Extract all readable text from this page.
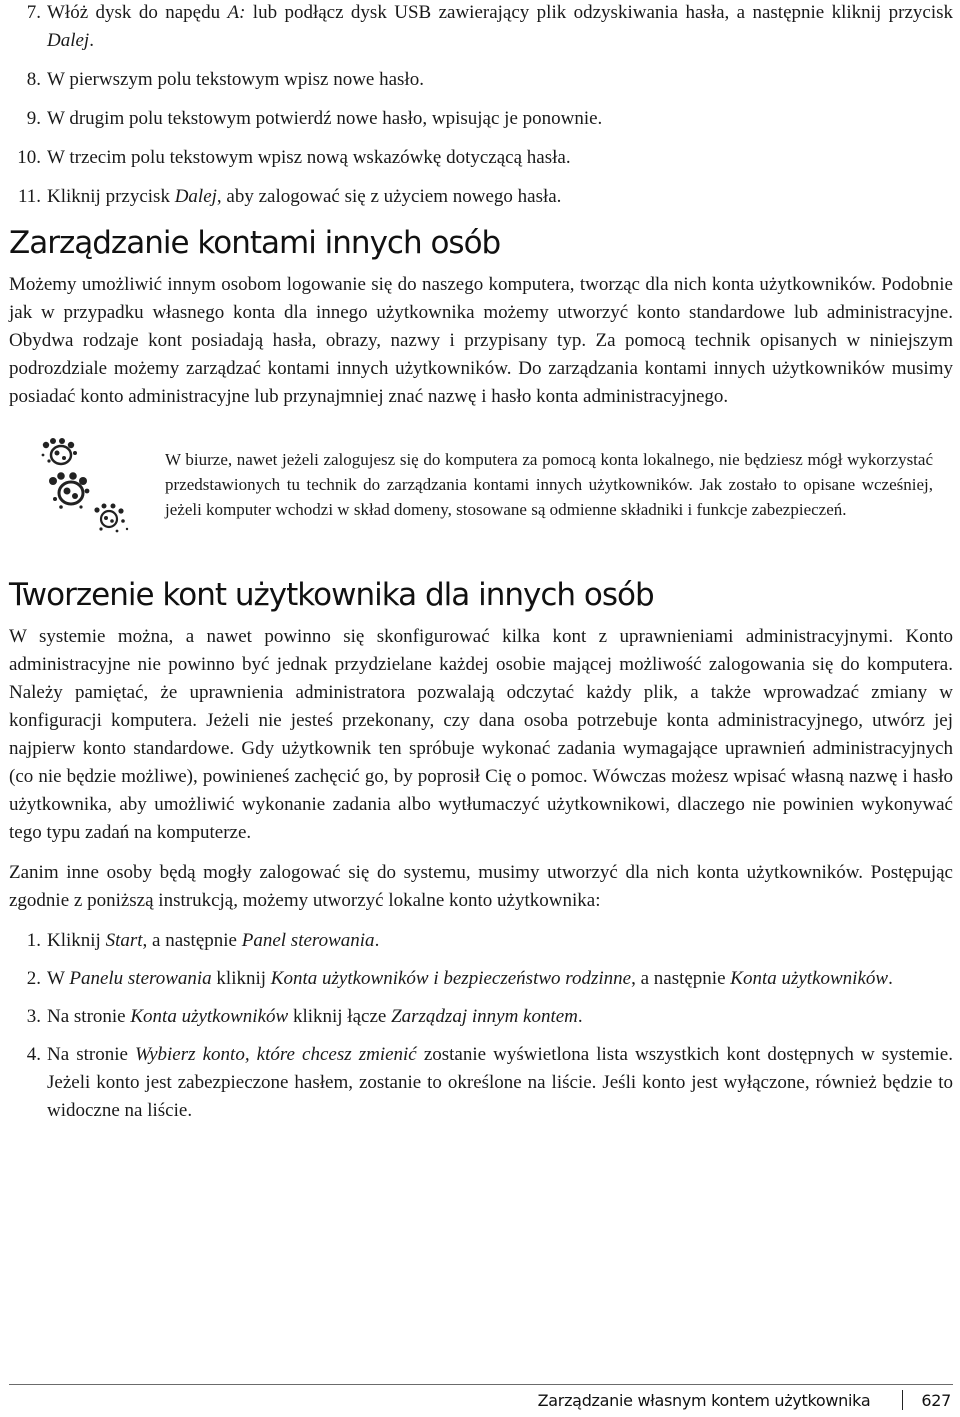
7. Włóż dysk do napędu A: lub podłącz dysk USB zawierający plik odzyskiwania hasła, a następnie kliknij przycisk Dalej.
8. W pierwszym polu tekstowym wpisz nowe hasło.
9. W drugim polu tekstowym potwierdź nowe hasło, wpisując je ponownie.
10. W trzecim polu tekstowym wpisz nową wskazówkę dotyczącą hasła.
11. Kliknij przycisk Dalej, aby zalogować się z użyciem nowego hasła.
Zarządzanie kontami innych osób

Możemy umożliwić innym osobom logowanie się do naszego komputera, tworząc dla nich konta użytkowników. Podobnie jak w przypadku własnego konta dla innego użytkownika możemy utworzyć konto standardowe lub administracyjne. Obydwa rodzaje kont posiadają hasła, obrazy, nazwy i przypisany typ. Za pomocą technik opisanych w niniejszym podrozdziale możemy zarządzać kontami innych użytkowników. Do zarządzania kontami innych użytkowników musimy posiadać konto administracyjne lub przynajmniej znać nazwę i hasło konta administracyjnego.

W biurze, nawet jeżeli zalogujesz się do komputera za pomocą konta lokalnego, nie będziesz mógł wykorzystać przedstawionych tu technik do zarządzania kontami innych użytkowników. Jak zostało to opisane wcześniej, jeżeli komputer wchodzi w skład domeny, stosowane są odmienne składniki i funkcje zabezpieczeń.
Tworzenie kont użytkownika dla innych osób

W systemie można, a nawet powinno się skonfigurować kilka kont z uprawnieniami administracyjnymi. Konto administracyjne nie powinno być jednak przydzielane każdej osobie mającej możliwość zalogowania się do komputera. Należy pamiętać, że uprawnienia administratora pozwalają odczytać każdy plik, a także wprowadzać zmiany w konfiguracji komputera. Jeżeli nie jesteś przekonany, czy dana osoba potrzebuje konta administracyjnego, utwórz jej najpierw konto standardowe. Gdy użytkownik ten spróbuje wykonać zadania wymagające uprawnień administracyjnych (co nie będzie możliwe), powinieneś zachęcić go, by poprosił Cię o pomoc. Wówczas możesz wpisać własną nazwę i hasło użytkownika, aby umożliwić wykonanie zadania albo wytłumaczyć użytkownikowi, dlaczego nie powinien wykonywać tego typu zadań na komputerze.

Zanim inne osoby będą mogły zalogować się do systemu, musimy utworzyć dla nich konta użytkowników. Postępując zgodnie z poniższą instrukcją, możemy utworzyć lokalne konto użytkownika:

1. Kliknij Start, a następnie Panel sterowania.
2. W Panelu sterowania kliknij Konta użytkowników i bezpieczeństwo rodzinne, a następnie Konta użytkowników.
3. Na stronie Konta użytkowników kliknij łącze Zarządzaj innym kontem.
4. Na stronie Wybierz konto, które chcesz zmienić zostanie wyświetlona lista wszystkich kont dostępnych w systemie. Jeżeli konto jest zabezpieczone hasłem, zostanie to określone na liście. Jeśli konto jest wyłączone, również będzie to widoczne na liście.
Zarządzanie własnym kontem użytkownika	627
